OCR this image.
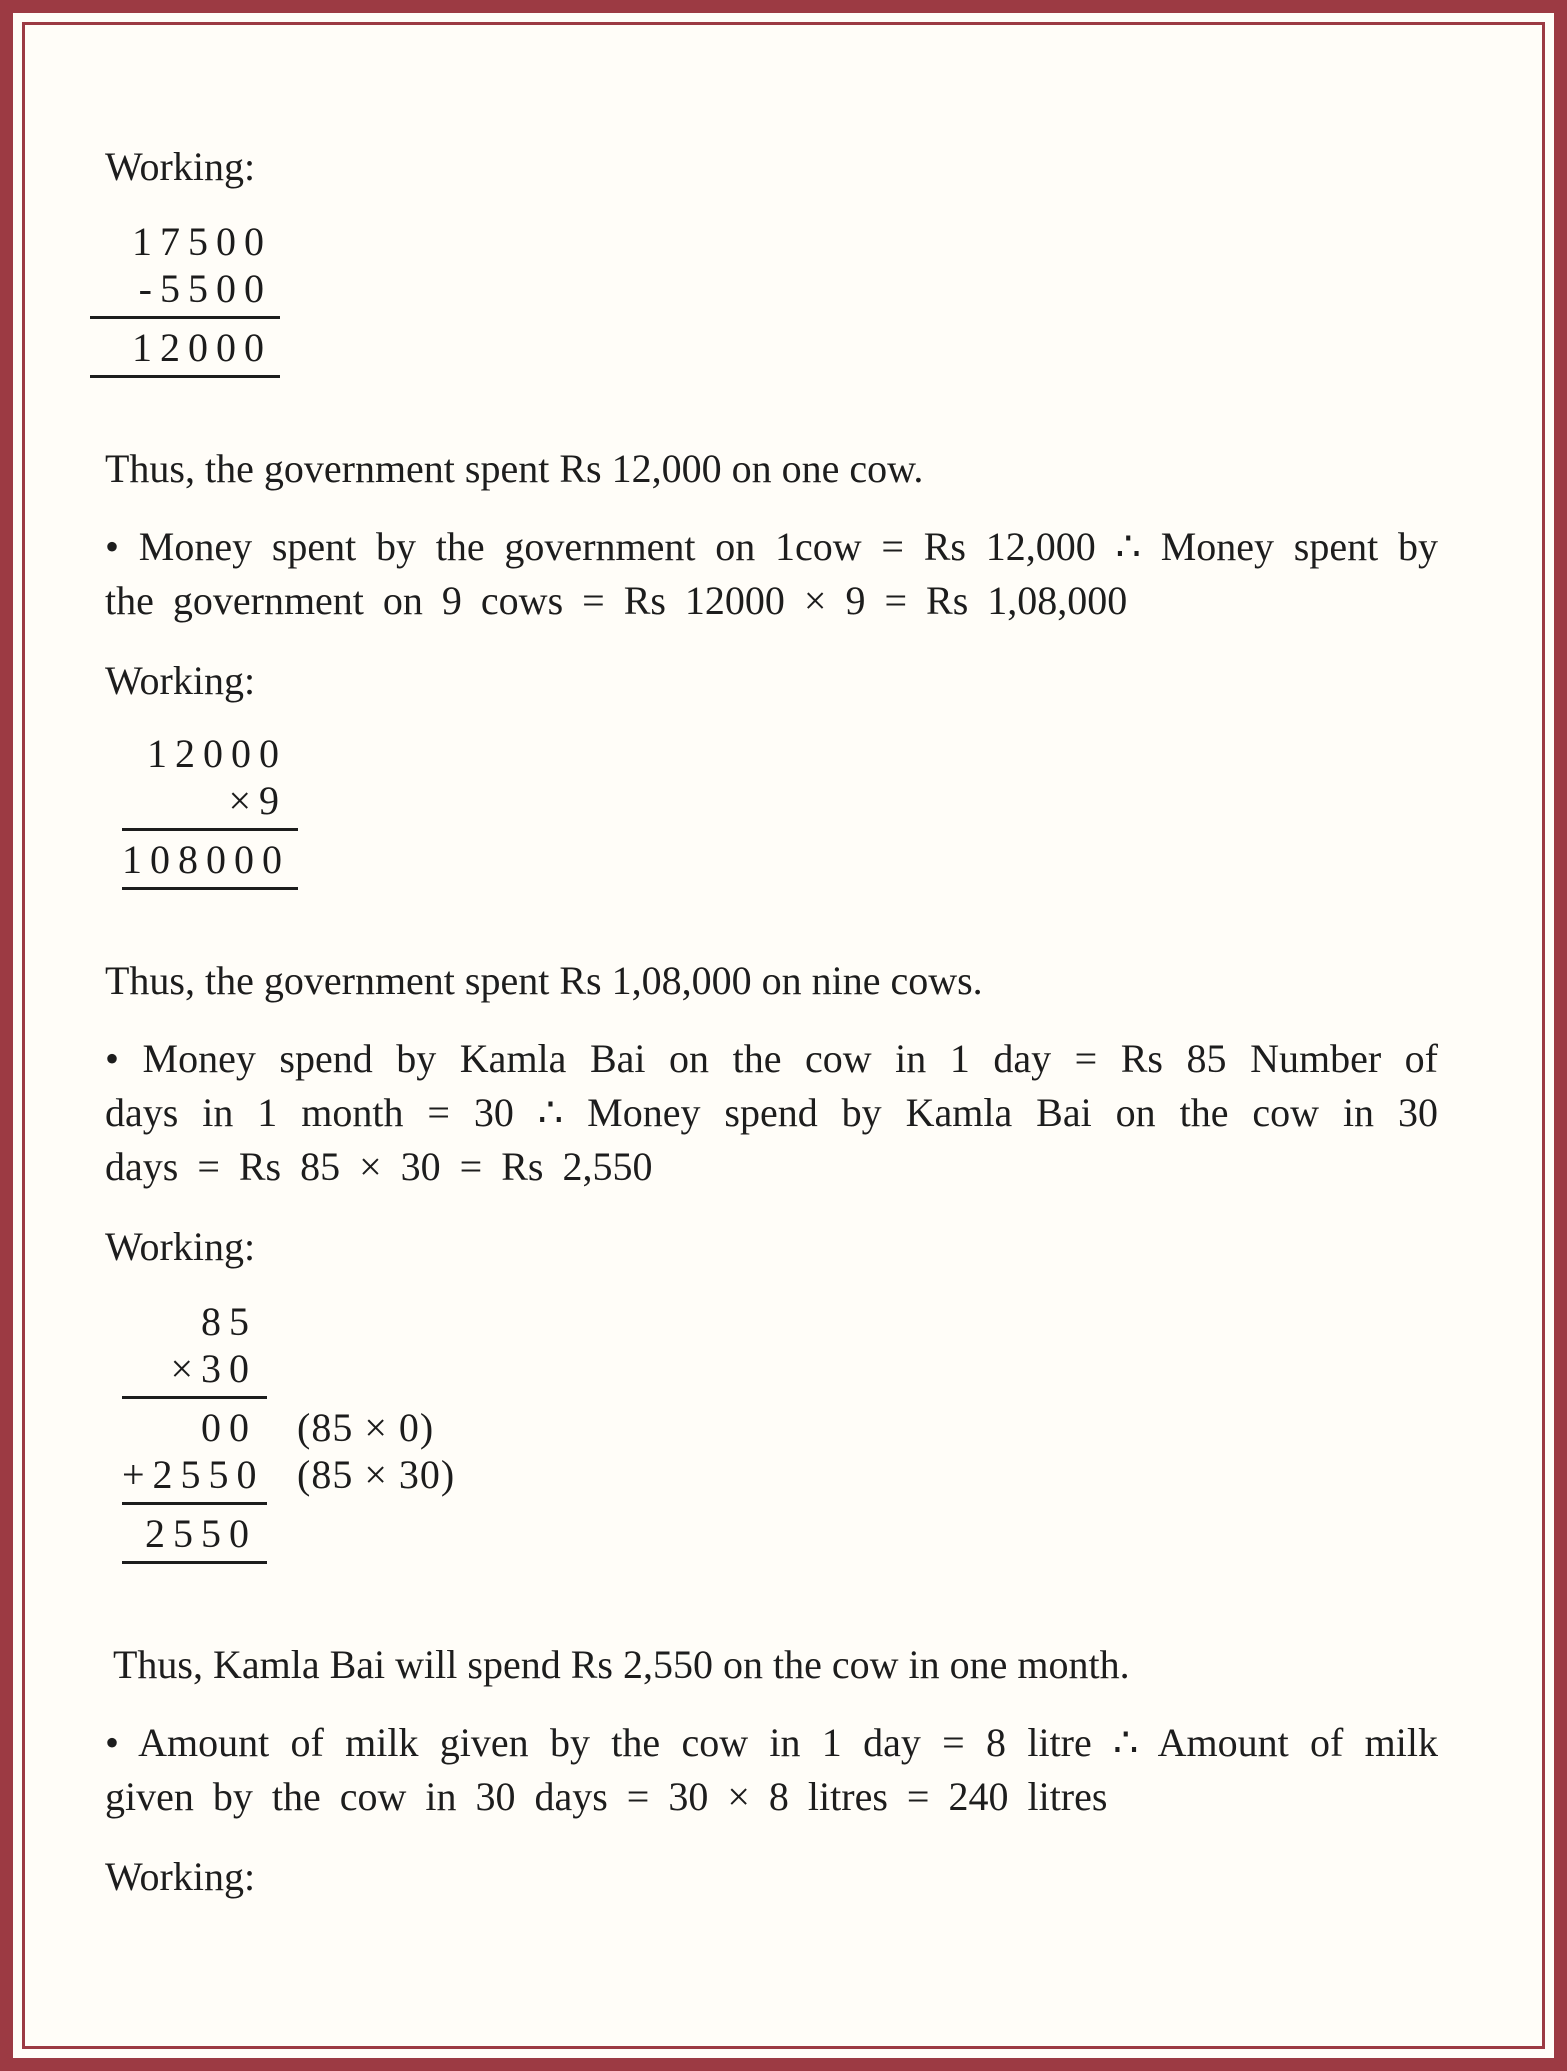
Working:

17500
-5500
12000

Thus, the government spent Rs 12,000 on one cow.

• Money spent by the government on 1cow = Rs 12,000 ∴ Money spent by the government on 9 cows = Rs 12000 × 9 = Rs 1,08,000

Working:

12000
×9
108000

Thus, the government spent Rs 1,08,000 on nine cows.

• Money spend by Kamla Bai on the cow in 1 day = Rs 85 Number of days in 1 month = 30 ∴ Money spend by Kamla Bai on the cow in 30 days = Rs 85 × 30 = Rs 2,550

Working:

85
×30
00 (85 × 0)
+2550 (85 × 30)
2550

Thus, Kamla Bai will spend Rs 2,550 on the cow in one month.

• Amount of milk given by the cow in 1 day = 8 litre ∴ Amount of milk given by the cow in 30 days = 30 × 8 litres = 240 litres

Working:
